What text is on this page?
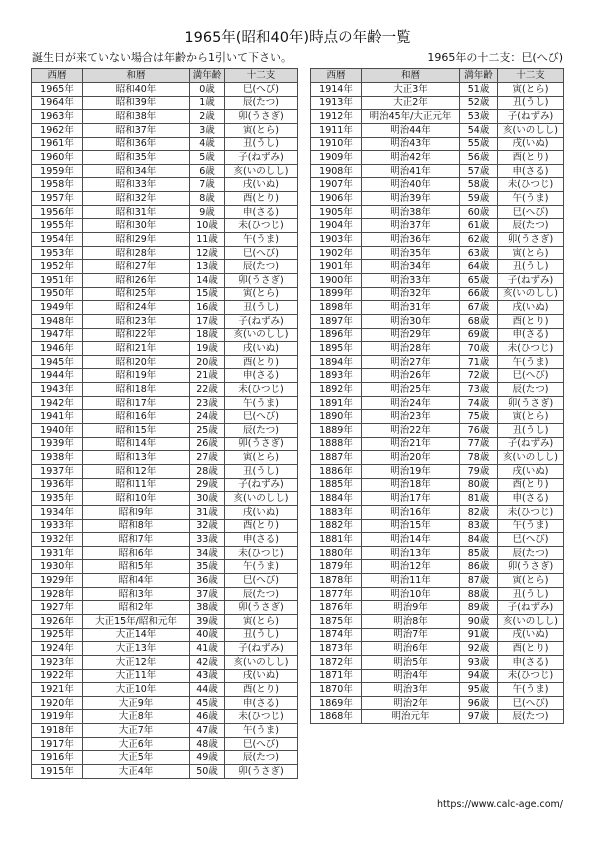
1965年(昭和40年)時点の年齢一覧
誕生日が来ていない場合は年齢から1引いて下さい。	1965年の十二支：巳(へび)
西暦	和暦	満年齢	十二支
1965年	昭和40年	0歳	巳(へび)
1964年	昭和39年	1歳	辰(たつ)
1963年	昭和38年	2歳	卯(うさぎ)
1962年	昭和37年	3歳	寅(とら)
1961年	昭和36年	4歳	丑(うし)
1960年	昭和35年	5歳	子(ねずみ)
1959年	昭和34年	6歳	亥(いのしし)
1958年	昭和33年	7歳	戌(いぬ)
1957年	昭和32年	8歳	酉(とり)
1956年	昭和31年	9歳	申(さる)
1955年	昭和30年	10歳	未(ひつじ)
1954年	昭和29年	11歳	午(うま)
1953年	昭和28年	12歳	巳(へび)
1952年	昭和27年	13歳	辰(たつ)
1951年	昭和26年	14歳	卯(うさぎ)
1950年	昭和25年	15歳	寅(とら)
1949年	昭和24年	16歳	丑(うし)
1948年	昭和23年	17歳	子(ねずみ)
1947年	昭和22年	18歳	亥(いのしし)
1946年	昭和21年	19歳	戌(いぬ)
1945年	昭和20年	20歳	酉(とり)
1944年	昭和19年	21歳	申(さる)
1943年	昭和18年	22歳	未(ひつじ)
1942年	昭和17年	23歳	午(うま)
1941年	昭和16年	24歳	巳(へび)
1940年	昭和15年	25歳	辰(たつ)
1939年	昭和14年	26歳	卯(うさぎ)
1938年	昭和13年	27歳	寅(とら)
1937年	昭和12年	28歳	丑(うし)
1936年	昭和11年	29歳	子(ねずみ)
1935年	昭和10年	30歳	亥(いのしし)
1934年	昭和9年	31歳	戌(いぬ)
1933年	昭和8年	32歳	酉(とり)
1932年	昭和7年	33歳	申(さる)
1931年	昭和6年	34歳	未(ひつじ)
1930年	昭和5年	35歳	午(うま)
1929年	昭和4年	36歳	巳(へび)
1928年	昭和3年	37歳	辰(たつ)
1927年	昭和2年	38歳	卯(うさぎ)
1926年	大正15年/昭和元年	39歳	寅(とら)
1925年	大正14年	40歳	丑(うし)
1924年	大正13年	41歳	子(ねずみ)
1923年	大正12年	42歳	亥(いのしし)
1922年	大正11年	43歳	戌(いぬ)
1921年	大正10年	44歳	酉(とり)
1920年	大正9年	45歳	申(さる)
1919年	大正8年	46歳	未(ひつじ)
1918年	大正7年	47歳	午(うま)
1917年	大正6年	48歳	巳(へび)
1916年	大正5年	49歳	辰(たつ)
1915年	大正4年	50歳	卯(うさぎ)
西暦	和暦	満年齢	十二支
1914年	大正3年	51歳	寅(とら)
1913年	大正2年	52歳	丑(うし)
1912年	明治45年/大正元年	53歳	子(ねずみ)
1911年	明治44年	54歳	亥(いのしし)
1910年	明治43年	55歳	戌(いぬ)
1909年	明治42年	56歳	酉(とり)
1908年	明治41年	57歳	申(さる)
1907年	明治40年	58歳	未(ひつじ)
1906年	明治39年	59歳	午(うま)
1905年	明治38年	60歳	巳(へび)
1904年	明治37年	61歳	辰(たつ)
1903年	明治36年	62歳	卯(うさぎ)
1902年	明治35年	63歳	寅(とら)
1901年	明治34年	64歳	丑(うし)
1900年	明治33年	65歳	子(ねずみ)
1899年	明治32年	66歳	亥(いのしし)
1898年	明治31年	67歳	戌(いぬ)
1897年	明治30年	68歳	酉(とり)
1896年	明治29年	69歳	申(さる)
1895年	明治28年	70歳	未(ひつじ)
1894年	明治27年	71歳	午(うま)
1893年	明治26年	72歳	巳(へび)
1892年	明治25年	73歳	辰(たつ)
1891年	明治24年	74歳	卯(うさぎ)
1890年	明治23年	75歳	寅(とら)
1889年	明治22年	76歳	丑(うし)
1888年	明治21年	77歳	子(ねずみ)
1887年	明治20年	78歳	亥(いのしし)
1886年	明治19年	79歳	戌(いぬ)
1885年	明治18年	80歳	酉(とり)
1884年	明治17年	81歳	申(さる)
1883年	明治16年	82歳	未(ひつじ)
1882年	明治15年	83歳	午(うま)
1881年	明治14年	84歳	巳(へび)
1880年	明治13年	85歳	辰(たつ)
1879年	明治12年	86歳	卯(うさぎ)
1878年	明治11年	87歳	寅(とら)
1877年	明治10年	88歳	丑(うし)
1876年	明治9年	89歳	子(ねずみ)
1875年	明治8年	90歳	亥(いのしし)
1874年	明治7年	91歳	戌(いぬ)
1873年	明治6年	92歳	酉(とり)
1872年	明治5年	93歳	申(さる)
1871年	明治4年	94歳	未(ひつじ)
1870年	明治3年	95歳	午(うま)
1869年	明治2年	96歳	巳(へび)
1868年	明治元年	97歳	辰(たつ)
https://www.calc-age.com/
